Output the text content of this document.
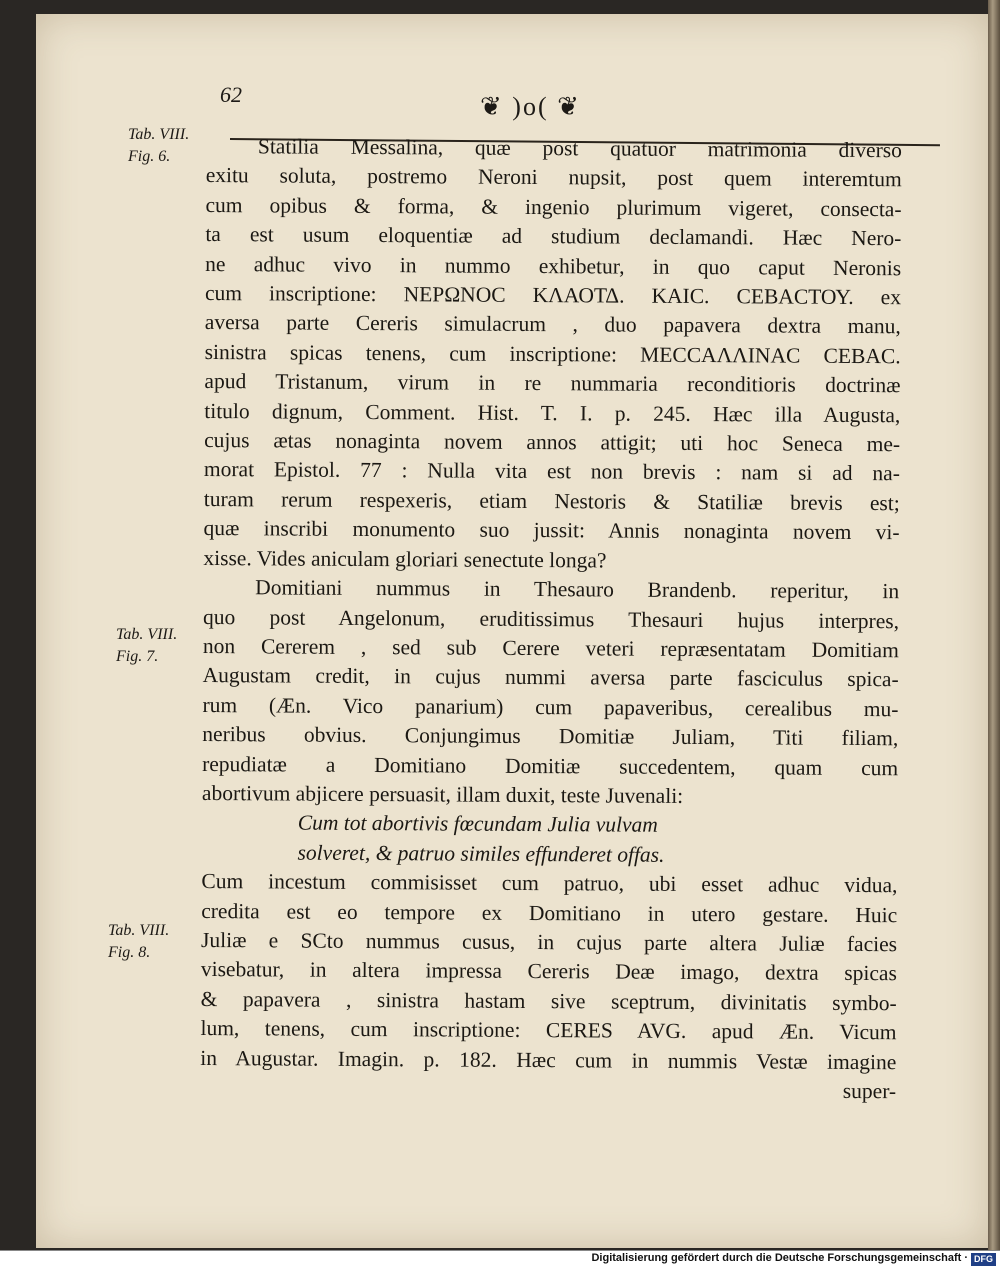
62	❦ )o( ❦
Tab. VIII.
Fig. 6.
Tab. VIII.
Fig. 7.
Tab. VIII.
Fig. 8.
Statilia Messalina, quæ post quatuor matrimonia diverso
exitu soluta, postremo Neroni nupsit, post quem interemtum
cum opibus & forma, & ingenio plurimum vigeret, consecta-
ta est usum eloquentiæ ad studium declamandi. Hæc Nero-
ne adhuc vivo in nummo exhibetur, in quo caput Neronis
cum inscriptione: ΝΕΡΩΝΟC ΚΛΑΟΤΔ. ΚΑΙC. CΕΒΑCΤΟΥ. ex
aversa parte Cereris simulacrum , duo papavera dextra manu,
sinistra spicas tenens, cum inscriptione: ΜΕCCΑΛΛΙΝΑC CΕΒΑC.
apud Tristanum, virum in re nummaria reconditioris doctrinæ
titulo dignum, Comment. Hist. T. I. p. 245. Hæc illa Augusta,
cujus ætas nonaginta novem annos attigit; uti hoc Seneca me-
morat Epistol. 77 : Nulla vita est non brevis : nam si ad na-
turam rerum respexeris, etiam Nestoris & Statiliæ brevis est;
quæ inscribi monumento suo jussit: Annis nonaginta novem vi-
xisse. Vides aniculam gloriari senectute longa?
Domitiani nummus in Thesauro Brandenb. reperitur, in
quo post Angelonum, eruditissimus Thesauri hujus interpres,
non Cererem , sed sub Cerere veteri repræsentatam Domitiam
Augustam credit, in cujus nummi aversa parte fasciculus spica-
rum (Æn. Vico panarium) cum papaveribus, cerealibus mu-
neribus obvius. Conjungimus Domitiæ Juliam, Titi filiam,
repudiatæ a Domitiano Domitiæ succedentem, quam cum
abortivum abjicere persuasit, illam duxit, teste Juvenali:
Cum tot abortivis fœcundam Julia vulvam
solveret, & patruo similes effunderet offas.
Cum incestum commisisset cum patruo, ubi esset adhuc vidua,
credita est eo tempore ex Domitiano in utero gestare. Huic
Juliæ e SCto nummus cusus, in cujus parte altera Juliæ facies
visebatur, in altera impressa Cereris Deæ imago, dextra spicas
& papavera , sinistra hastam sive sceptrum, divinitatis symbo-
lum, tenens, cum inscriptione: CERES AVG. apud Æn. Vicum
in Augustar. Imagin. p. 182. Hæc cum in nummis Vestæ imagine
super-
Digitalisierung gefördert durch die Deutsche Forschungsgemeinschaft · DFG
